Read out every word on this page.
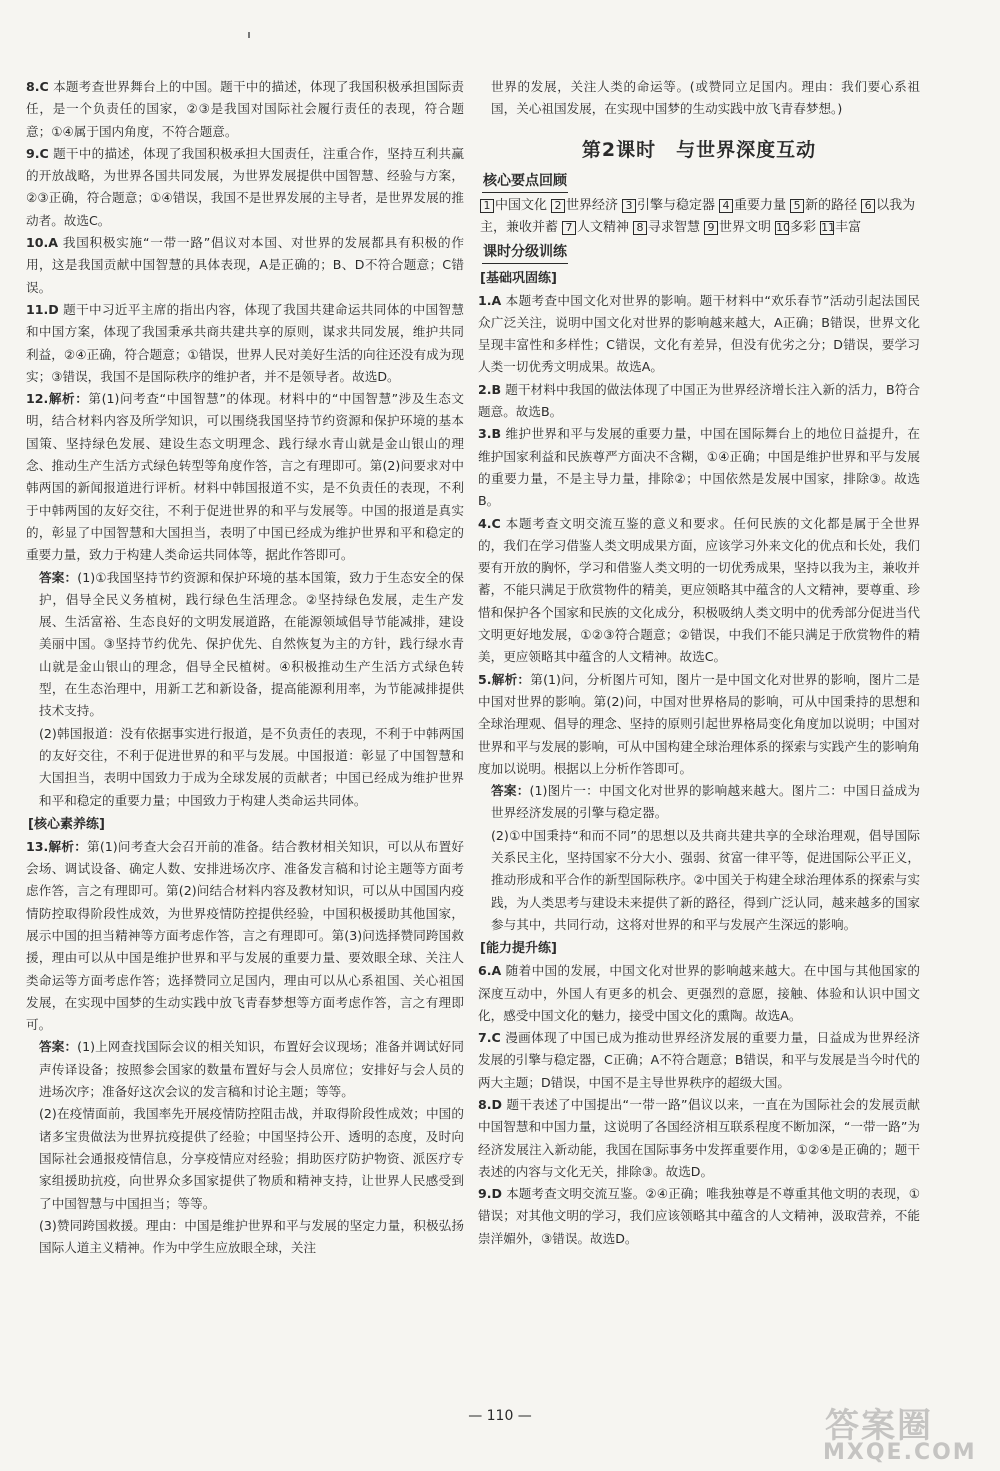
8.C 本题考查世界舞台上的中国。题干中的描述，体现了我国积极承担国际责任，是一个负责任的国家，②③是我国对国际社会履行责任的表现，符合题意；①④属于国内角度，不符合题意。

9.C 题干中的描述，体现了我国积极承担大国责任，注重合作，坚持互利共赢的开放战略，为世界各国共同发展，为世界发展提供中国智慧、经验与方案，②③正确，符合题意；①④错误，我国不是世界发展的主导者，是世界发展的推动者。故选C。

10.A 我国积极实施“一带一路”倡议对本国、对世界的发展都具有积极的作用，这是我国贡献中国智慧的具体表现，A是正确的；B、D不符合题意；C错误。

11.D 题干中习近平主席的指出内容，体现了我国共建命运共同体的中国智慧和中国方案，体现了我国秉承共商共建共享的原则，谋求共同发展，维护共同利益，②④正确，符合题意；①错误，世界人民对美好生活的向往还没有成为现实；③错误，我国不是国际秩序的维护者，并不是领导者。故选D。

12.解析：第(1)问考查“中国智慧”的体现。材料中的“中国智慧”涉及生态文明，结合材料内容及所学知识，可以围绕我国坚持节约资源和保护环境的基本国策、坚持绿色发展、建设生态文明理念、践行绿水青山就是金山银山的理念、推动生产生活方式绿色转型等角度作答，言之有理即可。第(2)问要求对中韩两国的新闻报道进行评析。材料中韩国报道不实，是不负责任的表现，不利于中韩两国的友好交往，不利于促进世界的和平与发展等。中国的报道是真实的，彰显了中国智慧和大国担当，表明了中国已经成为维护世界和平和稳定的重要力量，致力于构建人类命运共同体等，据此作答即可。

答案：(1)①我国坚持节约资源和保护环境的基本国策，致力于生态安全的保护，倡导全民义务植树，践行绿色生活理念。②坚持绿色发展，走生产发展、生活富裕、生态良好的文明发展道路，在能源领域倡导节能减排，建设美丽中国。③坚持节约优先、保护优先、自然恢复为主的方针，践行绿水青山就是金山银山的理念，倡导全民植树。④积极推动生产生活方式绿色转型，在生态治理中，用新工艺和新设备，提高能源利用率，为节能减排提供技术支持。

(2)韩国报道：没有依据事实进行报道，是不负责任的表现，不利于中韩两国的友好交往，不利于促进世界的和平与发展。中国报道：彰显了中国智慧和大国担当，表明中国致力于成为全球发展的贡献者；中国已经成为维护世界和平和稳定的重要力量；中国致力于构建人类命运共同体。

[核心素养练]

13.解析：第(1)问考查大会召开前的准备。结合教材相关知识，可以从布置好会场、调试设备、确定人数、安排进场次序、准备发言稿和讨论主题等方面考虑作答，言之有理即可。第(2)问结合材料内容及教材知识，可以从中国国内疫情防控取得阶段性成效，为世界疫情防控提供经验，中国积极援助其他国家，展示中国的担当精神等方面考虑作答，言之有理即可。第(3)问选择赞同跨国救援，理由可以从中国是维护世界和平与发展的重要力量、要效眼全球、关注人类命运等方面考虑作答；选择赞同立足国内，理由可以从心系祖国、关心祖国发展，在实现中国梦的生动实践中放飞青春梦想等方面考虑作答，言之有理即可。

答案：(1)上网查找国际会议的相关知识，布置好会议现场；准备并调试好同声传译设备；按照参会国家的数量布置好与会人员席位；安排好与会人员的进场次序；准备好这次会议的发言稿和讨论主题；等等。

(2)在疫情面前，我国率先开展疫情防控阻击战，并取得阶段性成效；中国的诸多宝贵做法为世界抗疫提供了经验；中国坚持公开、透明的态度，及时向国际社会通报疫情信息，分享疫情应对经验；捐助医疗防护物资、派医疗专家组援助抗疫，向世界众多国家提供了物质和精神支持，让世界人民感受到了中国智慧与中国担当；等等。

(3)赞同跨国救援。理由：中国是维护世界和平与发展的坚定力量，积极弘扬国际人道主义精神。作为中学生应放眼全球，关注

世界的发展，关注人类的命运等。(或赞同立足国内。理由：我们要心系祖国，关心祖国发展，在实现中国梦的生动实践中放飞青春梦想。)

第2课时　与世界深度互动
核心要点回顾
1 中国文化 2 世界经济 3 引擎与稳定器 4 重要力量 5 新的路径 6 以我为主，兼收并蓄 7 人文精神 8 寻求智慧 9 世界文明 10多彩 11丰富
课时分级训练
[基础巩固练]

1.A 本题考查中国文化对世界的影响。题干材料中“欢乐春节”活动引起法国民众广泛关注，说明中国文化对世界的影响越来越大，A正确；B错误，世界文化呈现丰富性和多样性；C错误，文化有差异，但没有优劣之分；D错误，要学习人类一切优秀文明成果。故选A。

2.B 题干材料中我国的做法体现了中国正为世界经济增长注入新的活力，B符合题意。故选B。

3.B 维护世界和平与发展的重要力量，中国在国际舞台上的地位日益提升，在维护国家利益和民族尊严方面决不含糊，①④正确；中国是维护世界和平与发展的重要力量，不是主导力量，排除②；中国依然是发展中国家，排除③。故选B。

4.C 本题考查文明交流互鉴的意义和要求。任何民族的文化都是属于全世界的，我们在学习借鉴人类文明成果方面，应该学习外来文化的优点和长处，我们要有开放的胸怀，学习和借鉴人类文明的一切优秀成果，坚持以我为主，兼收并蓄，不能只满足于欣赏物件的精美，更应领略其中蕴含的人文精神，要尊重、珍惜和保护各个国家和民族的文化成分，积极吸纳人类文明中的优秀部分促进当代文明更好地发展，①②③符合题意；②错误，中我们不能只满足于欣赏物件的精美，更应领略其中蕴含的人文精神。故选C。

5.解析：第(1)问，分析图片可知，图片一是中国文化对世界的影响，图片二是中国对世界的影响。第(2)问，中国对世界格局的影响，可从中国秉持的思想和全球治理观、倡导的理念、坚持的原则引起世界格局变化角度加以说明；中国对世界和平与发展的影响，可从中国构建全球治理体系的探索与实践产生的影响角度加以说明。根据以上分析作答即可。

答案：(1)图片一：中国文化对世界的影响越来越大。图片二：中国日益成为世界经济发展的引擎与稳定器。

(2)①中国秉持“和而不同”的思想以及共商共建共享的全球治理观，倡导国际关系民主化，坚持国家不分大小、强弱、贫富一律平等，促进国际公平正义，推动形成和平合作的新型国际秩序。②中国关于构建全球治理体系的探索与实践，为人类思考与建设未来提供了新的路径，得到广泛认同，越来越多的国家参与其中，共同行动，这将对世界的和平与发展产生深远的影响。

[能力提升练]

6.A 随着中国的发展，中国文化对世界的影响越来越大。在中国与其他国家的深度互动中，外国人有更多的机会、更强烈的意愿，接触、体验和认识中国文化，感受中国文化的魅力，接受中国文化的熏陶。故选A。

7.C 漫画体现了中国已成为推动世界经济发展的重要力量，日益成为世界经济发展的引擎与稳定器，C正确；A不符合题意；B错误，和平与发展是当今时代的两大主题；D错误，中国不是主导世界秩序的超级大国。

8.D 题干表述了中国提出“一带一路”倡议以来，一直在为国际社会的发展贡献中国智慧和中国力量，这说明了各国经济相互联系程度不断加深，“一带一路”为经济发展注入新动能，我国在国际事务中发挥重要作用，①②④是正确的；题干表述的内容与文化无关，排除③。故选D。

9.D 本题考查文明交流互鉴。②④正确；唯我独尊是不尊重其他文明的表现，①错误；对其他文明的学习，我们应该领略其中蕴含的人文精神，汲取营养，不能崇洋媚外，③错误。故选D。

— 110 —	答案圈
MXQE.COM
